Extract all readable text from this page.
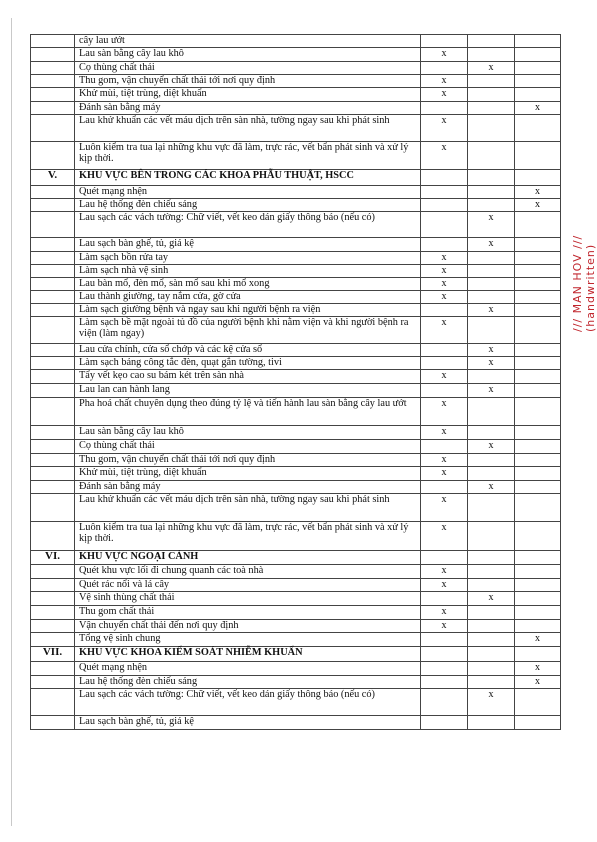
	cây lau ướt			
	Lau sàn bằng cây lau khô	x		
	Cọ thùng chất thải		x	
	Thu gom, vận chuyển chất thải tới nơi quy định	x		
	Khử mùi, tiệt trùng, diệt khuẩn	x		
	Đánh sàn bằng máy			x
	Lau khử khuẩn các vết máu dịch trên sàn nhà, tường ngay sau khi phát sinh	x		
	Luôn kiểm tra tua lại những khu vực đã làm, trực rác, vết bẩn phát sinh và xử lý kịp thời.	x		
V.	KHU VỰC BÊN TRONG CÁC KHOA PHẪU THUẬT, HSCC			
	Quét mạng nhện			x
	Lau hệ thống đèn chiếu sáng			x
	Lau sạch các vách tường: Chữ viết, vết keo dán giấy thông báo (nếu có)		x	
	Lau sạch bàn ghế, tủ, giá kệ		x	
	Làm sạch bồn rửa tay	x		
	Làm sạch nhà vệ sinh	x		
	Lau bàn mổ, đèn mổ, sàn mổ sau khi mổ xong	x		
	Lau thành giường, tay nắm cửa, gờ cửa	x		
	Làm sạch giường bệnh và ngay sau khi người bệnh ra viện		x	
	Làm sạch bề mặt ngoài tủ đồ của người bệnh khi nằm viện và khi người bệnh ra viện (làm ngay)	x		
	Lau cửa chính, cửa sổ chớp và các kệ cửa sổ		x	
	Làm sạch bảng công tắc đèn, quạt gắn tường, tivi		x	
	Tẩy vết kẹo cao su bám két trên sàn nhà	x		
	Lau lan can hành lang		x	
	Pha hoá chất chuyên dụng theo đúng tỷ lệ và tiến hành lau sàn bằng cây lau ướt	x		
	Lau sàn bằng cây lau khô	x		
	Cọ thùng chất thải		x	
	Thu gom, vận chuyển chất thải tới nơi quy định	x		
	Khử mùi, tiệt trùng, diệt khuẩn	x		
	Đánh sàn bằng máy		x	
	Lau khử khuẩn các vết máu dịch trên sàn nhà, tường ngay sau khi phát sinh	x		
	Luôn kiểm tra tua lại những khu vực đã làm, trực rác, vết bẩn phát sinh và xử lý kịp thời.	x		
VI.	KHU VỰC NGOẠI CẢNH			
	Quét khu vực lối đi chung quanh các toà nhà	x		
	Quét rác nổi và lá cây	x		
	Vệ sinh thùng chất thải		x	
	Thu gom chất thải	x		
	Vận chuyển chất thải đến nơi quy định	x		
	Tổng vệ sinh chung			x
VII.	KHU VỰC KHOA KIỂM SOÁT NHIỄM KHUẨN			
	Quét mạng nhện			x
	Lau hệ thống đèn chiếu sáng			x
	Lau sạch các vách tường: Chữ viết, vết keo dán giấy thông báo (nếu có)		x	
	Lau sạch bàn ghế, tủ, giá kệ			
/// MAN HOV /// (handwritten)
